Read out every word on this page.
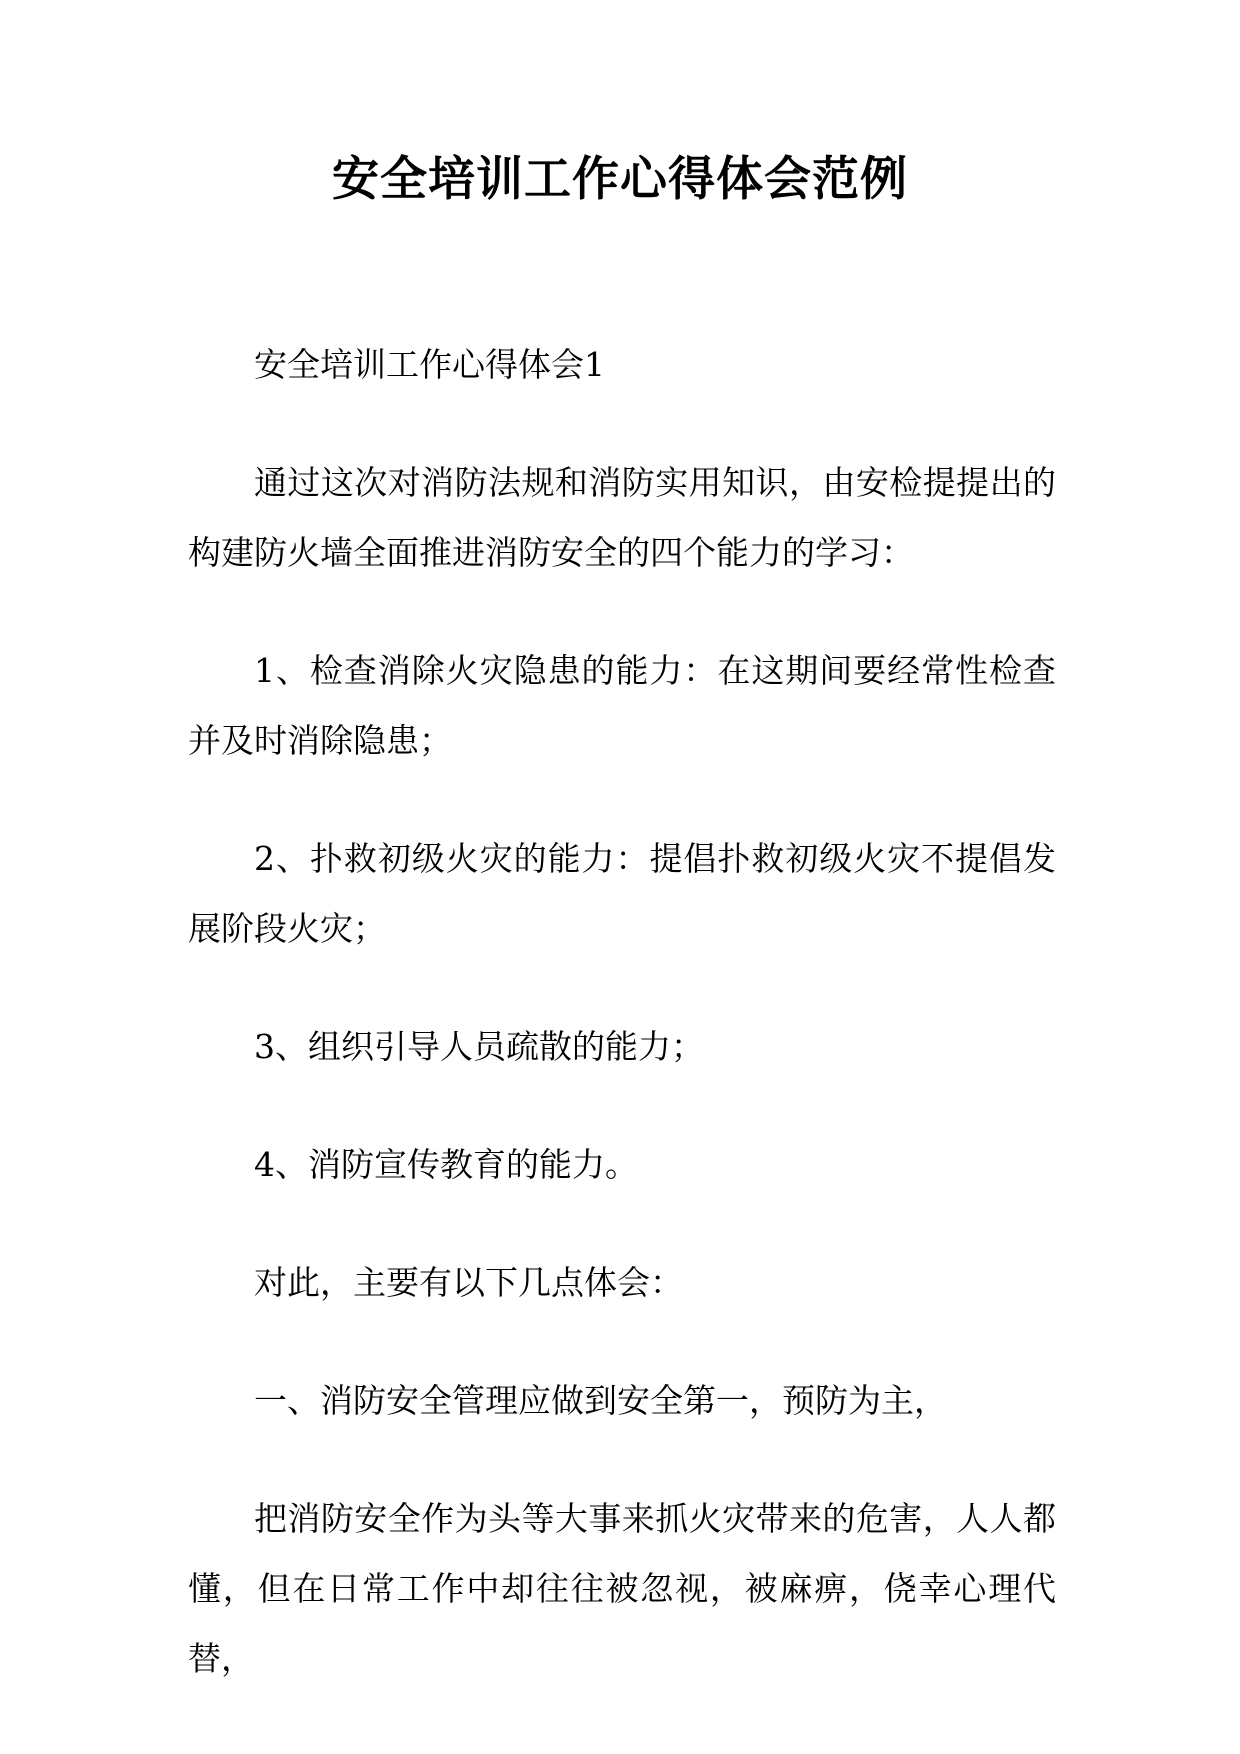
安全培训工作心得体会范例

安全培训工作心得体会1

通过这次对消防法规和消防实用知识，由安检提提出的构建防火墙全面推进消防安全的四个能力的学习：

1、检查消除火灾隐患的能力：在这期间要经常性检查并及时消除隐患；

2、扑救初级火灾的能力：提倡扑救初级火灾不提倡发展阶段火灾；

3、组织引导人员疏散的能力；

4、消防宣传教育的能力。

对此，主要有以下几点体会：

一、消防安全管理应做到安全第一，预防为主，

把消防安全作为头等大事来抓火灾带来的危害，人人都懂，但在日常工作中却往往被忽视，被麻痹，侥幸心理代替，
